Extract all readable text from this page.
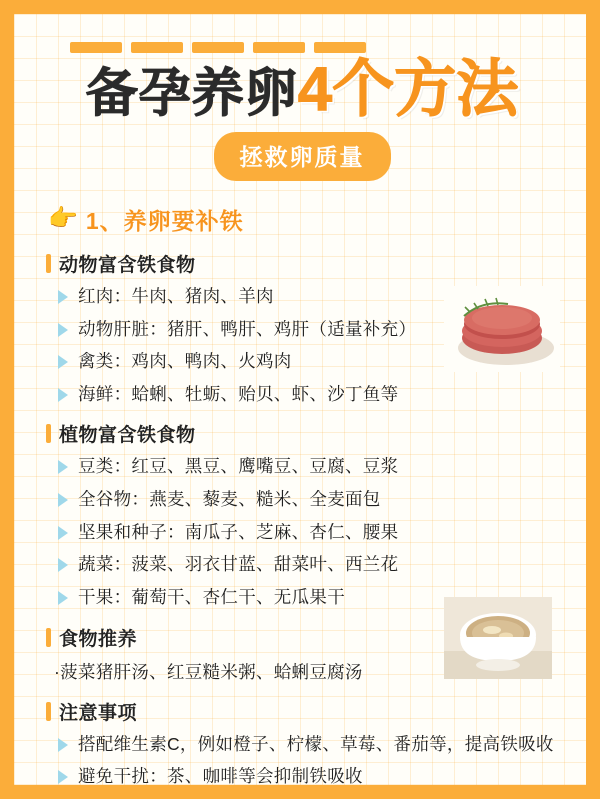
备孕养卵 4个方法
拯救卵质量
👉 1、养卵要补铁
动物富含铁食物
红肉：牛肉、猪肉、羊肉
动物肝脏：猪肝、鸭肝、鸡肝（适量补充）
禽类：鸡肉、鸭肉、火鸡肉
海鲜：蛤蜊、牡蛎、贻贝、虾、沙丁鱼等
植物富含铁食物
豆类：红豆、黑豆、鹰嘴豆、豆腐、豆浆
全谷物：燕麦、藜麦、糙米、全麦面包
坚果和种子：南瓜子、芝麻、杏仁、腰果
蔬菜：菠菜、羽衣甘蓝、甜菜叶、西兰花
干果：葡萄干、杏仁干、无瓜果干
食物推养
·菠菜猪肝汤、红豆糙米粥、蛤蜊豆腐汤
注意事项
搭配维生素C，例如橙子、柠檬、草莓、番茄等，提高铁吸收
避免干扰：茶、咖啡等会抑制铁吸收
